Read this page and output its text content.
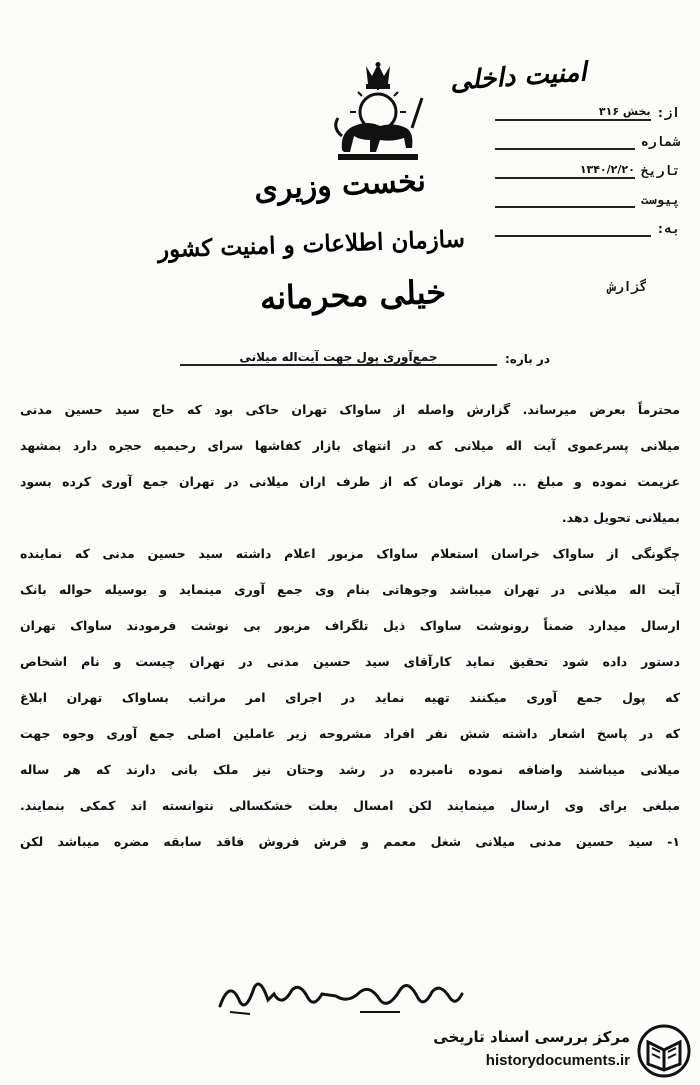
امنیت داخلی
نخست وزیری
سازمان اطلاعات و امنیت کشور
خیلی محرمانه
از:
بخش ۳۱۶
شماره
تاریخ
۱۳۴۰/۲/۲۰
پیوست
به:
گزارش
در باره:
جمع‌آوری پول جهت آیت‌اله میلانی
محترماً بعرض میرساند. گزارش واصله از ساواک تهران حاکی بود که حاج سید حسین مدنی
میلانی پسرعموی آیت اله میلانی که در انتهای بازار کفاشها سرای رحیمیه حجره دارد بمشهد
عزیمت نموده و مبلغ ... هزار تومان که از طرف اران میلانی در تهران جمع آوری کرده بسود
بمیلانی تحویل دهد.
چگونگی از ساواک خراسان استعلام ساواک مزبور اعلام داشته سید حسین مدنی که نماینده
آیت اله میلانی در تهران میباشد وجوهاتی بنام وی جمع آوری مینماید و بوسیله حواله بانک
ارسال میدارد ضمناً رونوشت ساواک ذیل تلگراف مزبور بی نوشت فرمودند ساواک تهران
دستور داده شود تحقیق نماید کارآقای سید حسین مدنی در تهران چیست و نام اشخاص
که پول جمع آوری میکنند تهیه نماید در اجرای امر مراتب بساواک تهران ابلاغ
که در پاسخ اشعار داشته شش نفر افراد مشروحه زیر عاملین اصلی جمع آوری وجوه جهت
میلانی میباشند واضافه نموده نامبرده در رشد وحتان نیز ملک بانی دارند که هر ساله
مبلغی برای وی ارسال مینمایند لکن امسال بعلت خشکسالی نتوانسته اند کمکی بنمایند.
۱- سید حسین مدنی میلانی شغل معمم و فرش فروش فاقد سابقه مضره میباشد لکن
مرکز بررسی اسناد تاریخی
historydocuments.ir
